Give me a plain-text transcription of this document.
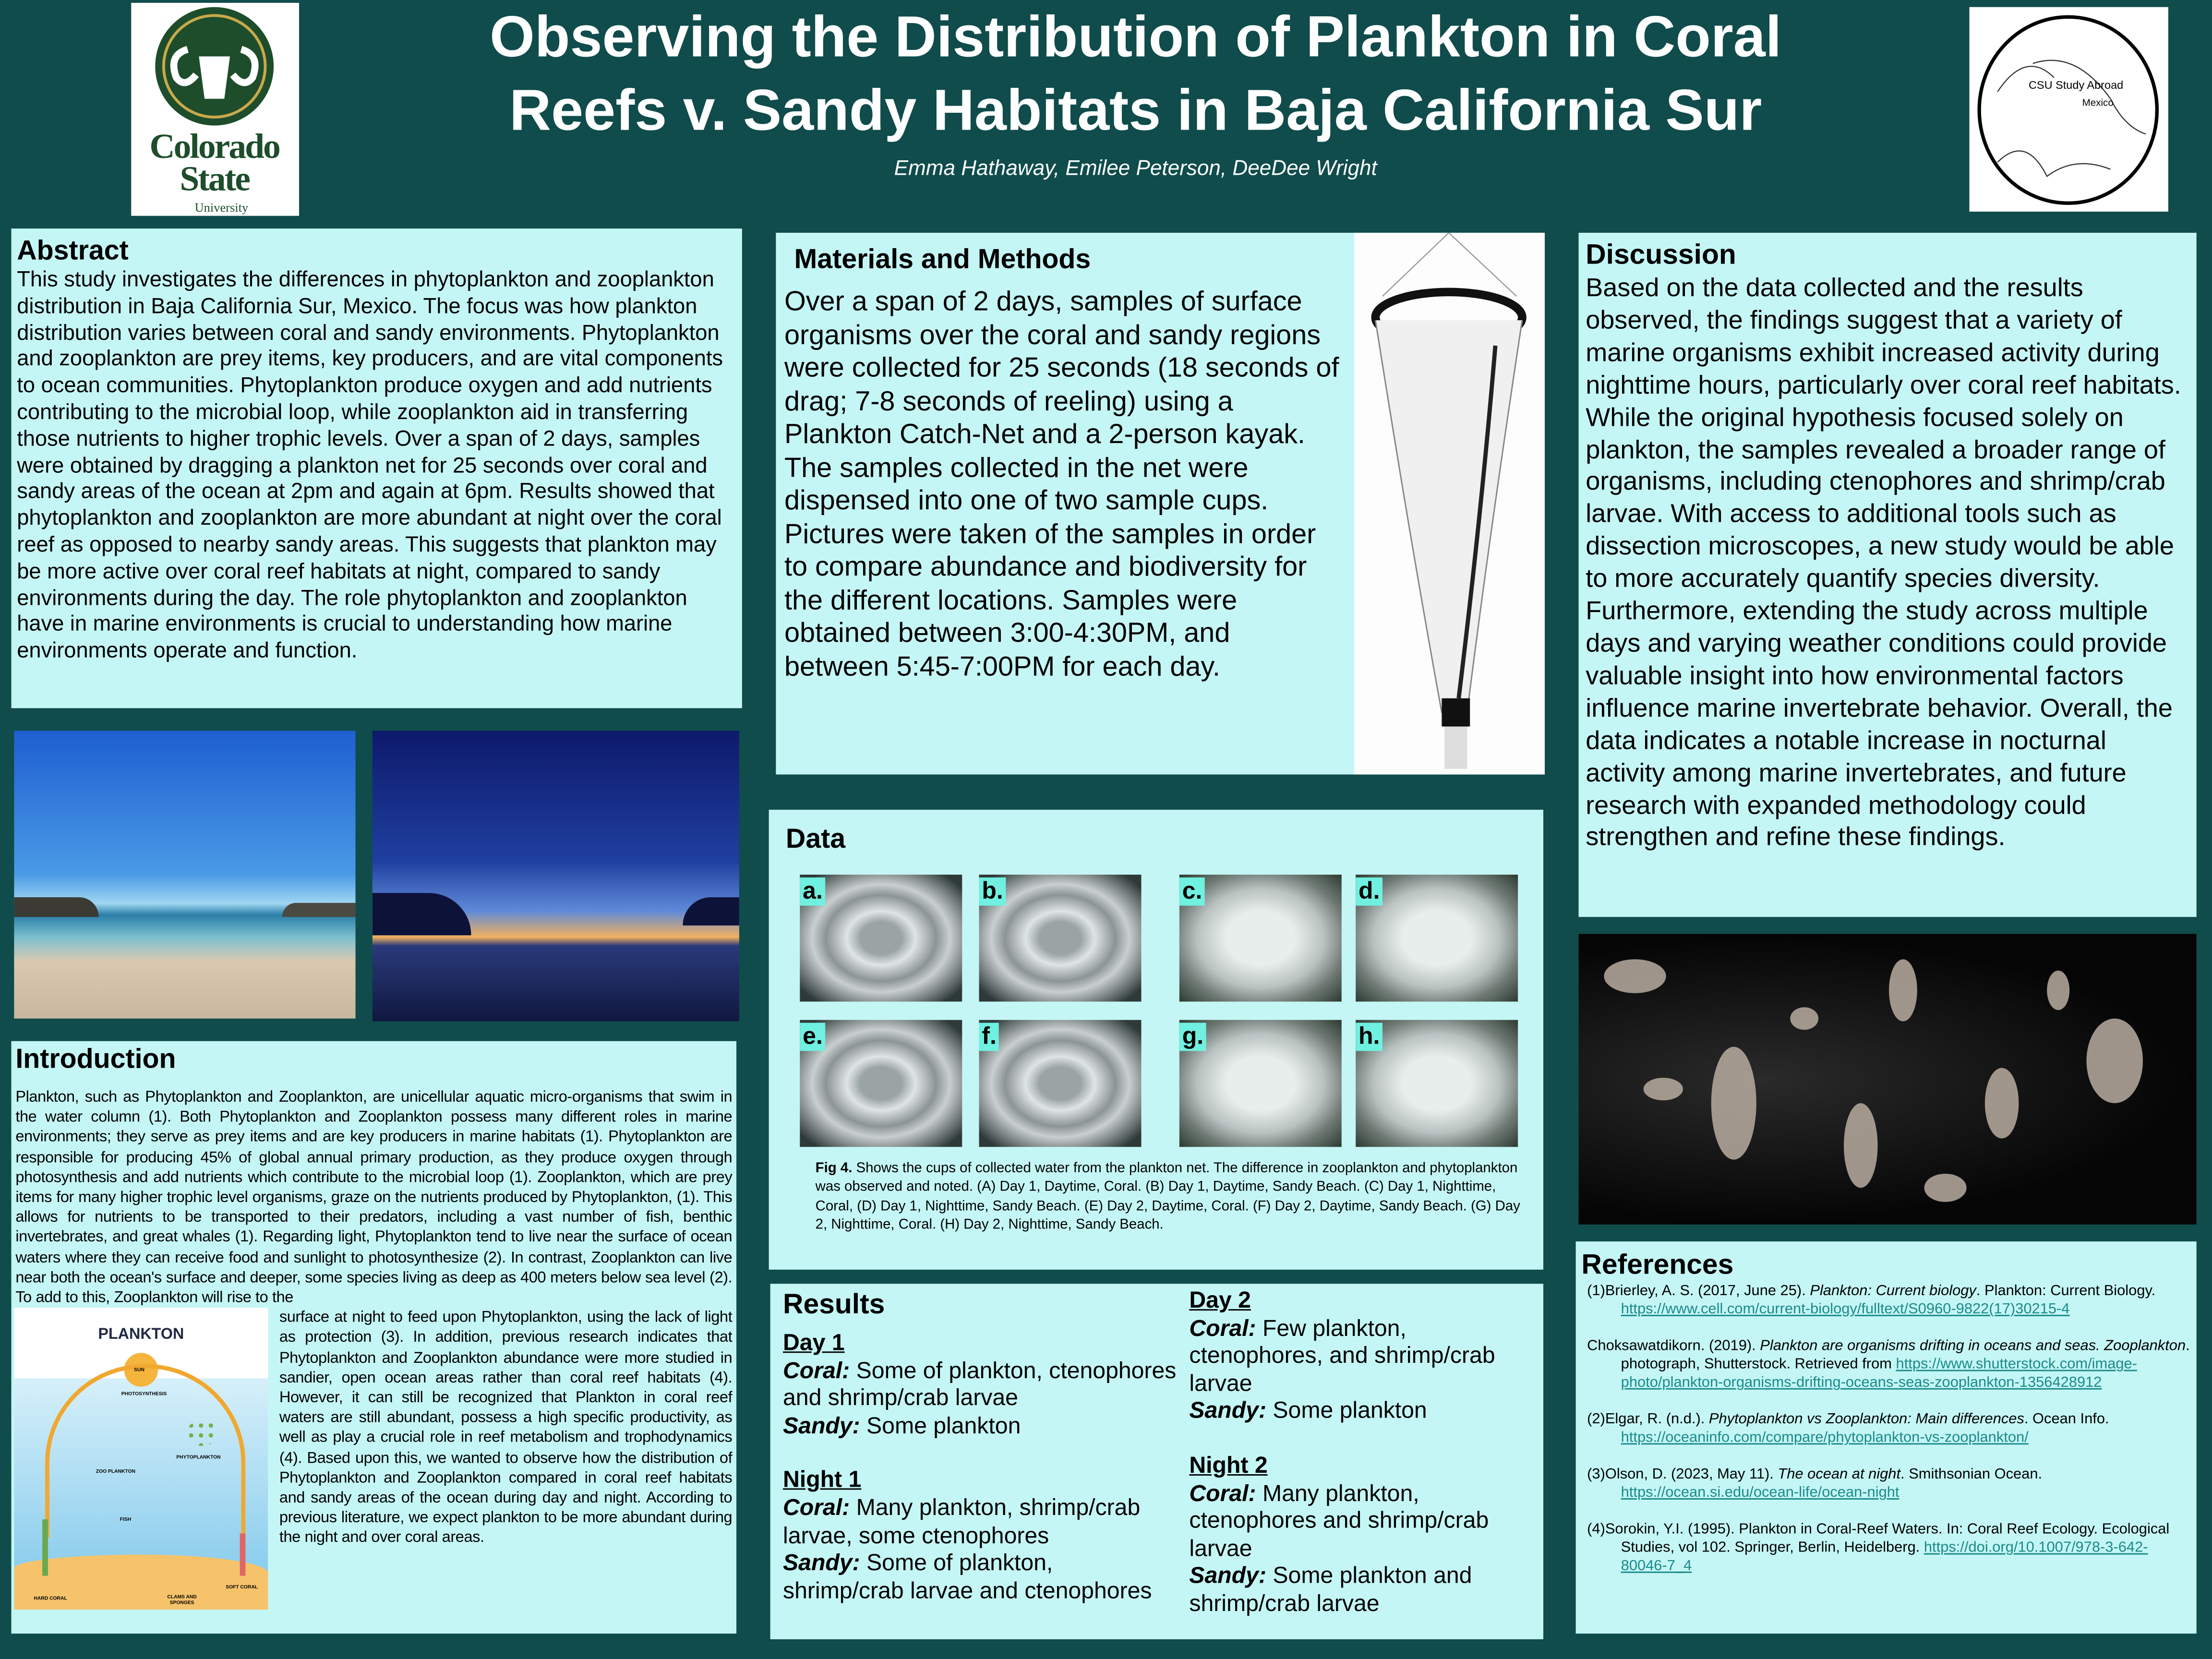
Colorado
State
University
Observing the Distribution of Plankton in Coral
Reefs v. Sandy Habitats in Baja California Sur
Emma Hathaway, Emilee Peterson, DeeDee Wright
CSU Study Abroad
Mexico
Abstract

This study investigates the differences in phytoplankton and zooplankton distribution in Baja California Sur, Mexico. The focus was how plankton distribution varies between coral and sandy environments. Phytoplankton and zooplankton are prey items, key producers, and are vital components to ocean communities. Phytoplankton produce oxygen and add nutrients contributing to the microbial loop, while zooplankton aid in transferring those nutrients to higher trophic levels. Over a span of 2 days, samples were obtained by dragging a plankton net for 25 seconds over coral and sandy areas of the ocean at 2pm and again at 6pm. Results showed that phytoplankton and zooplankton are more abundant at night over the coral reef as opposed to nearby sandy areas. This suggests that plankton may be more active over coral reef habitats at night, compared to sandy environments during the day. The role phytoplankton and zooplankton have in marine environments is crucial to understanding how marine environments operate and function.

Introduction

Plankton, such as Phytoplankton and Zooplankton, are unicellular aquatic micro-organisms that swim in the water column (1). Both Phytoplankton and Zooplankton possess many different roles in marine environments; they serve as prey items and are key producers in marine habitats (1). Phytoplankton are responsible for producing 45% of global annual primary production, as they produce oxygen through photosynthesis and add nutrients which contribute to the microbial loop (1). Zooplankton, which are prey items for many higher trophic level organisms, graze on the nutrients produced by Phytoplankton, (1). This allows for nutrients to be transported to their predators, including a vast number of fish, benthic invertebrates, and great whales (1). Regarding light, Phytoplankton tend to live near the surface of ocean waters where they can receive food and sunlight to photosynthesize (2). In contrast, Zooplankton can live near both the ocean's surface and deeper, some species living as deep as 400 meters below sea level (2). To add to this, Zooplankton will rise to the

PLANKTON
SUN
PHOTOSYNTHESIS
PHYTOPLANKTON
ZOO PLANKTON
FISH
HARD CORAL	CLAMS AND SPONGES
SOFT CORAL

surface at night to feed upon Phytoplankton, using the lack of light as protection (3). In addition, previous research indicates that Phytoplankton and Zooplankton abundance were more studied in sandier, open ocean areas rather than coral reef habitats (4). However, it can still be recognized that Plankton in coral reef waters are still abundant, possess a high specific productivity, as well as play a crucial role in reef metabolism and trophodynamics (4). Based upon this, we wanted to observe how the distribution of Phytoplankton and Zooplankton compared in coral reef habitats and sandy areas of the ocean during day and night. According to previous literature, we expect plankton to be more abundant during the night and over coral areas.

Materials and Methods

Over a span of 2 days, samples of surface organisms over the coral and sandy regions were collected for 25 seconds (18 seconds of drag; 7-8 seconds of reeling) using a Plankton Catch-Net and a 2-person kayak. The samples collected in the net were dispensed into one of two sample cups. Pictures were taken of the samples in order to compare abundance and biodiversity for the different locations. Samples were obtained between 3:00-4:30PM, and between 5:45-7:00PM for each day.

Data
a.	b.	c.	d.
e.	f.	g.	h.
Fig 4. Shows the cups of collected water from the plankton net. The difference in zooplankton and phytoplankton was observed and noted. (A) Day 1, Daytime, Coral. (B) Day 1, Daytime, Sandy Beach. (C) Day 1, Nighttime, Coral, (D) Day 1, Nighttime, Sandy Beach. (E) Day 2, Daytime, Coral. (F) Day 2, Daytime, Sandy Beach. (G) Day 2, Nighttime, Coral. (H) Day 2, Nighttime, Sandy Beach.
Results
Day 1
Coral: Some of plankton, ctenophores and shrimp/crab larvae
Sandy: Some plankton
Night 1
Coral: Many plankton, shrimp/crab larvae, some ctenophores
Sandy: Some of plankton, shrimp/crab larvae and ctenophores
Day 2
Coral: Few plankton, ctenophores, and shrimp/crab larvae
Sandy: Some plankton
Night 2
Coral: Many plankton, ctenophores and shrimp/crab larvae
Sandy: Some plankton and shrimp/crab larvae
Discussion

Based on the data collected and the results observed, the findings suggest that a variety of marine organisms exhibit increased activity during nighttime hours, particularly over coral reef habitats. While the original hypothesis focused solely on plankton, the samples revealed a broader range of organisms, including ctenophores and shrimp/crab larvae. With access to additional tools such as dissection microscopes, a new study would be able to more accurately quantify species diversity. Furthermore, extending the study across multiple days and varying weather conditions could provide valuable insight into how environmental factors influence marine invertebrate behavior. Overall, the data indicates a notable increase in nocturnal activity among marine invertebrates, and future research with expanded methodology could strengthen and refine these findings.

References
(1)Brierley, A. S. (2017, June 25). Plankton: Current biology. Plankton: Current Biology. https://www.cell.com/current-biology/fulltext/S0960-9822(17)30215-4
Choksawatdikorn. (2019). Plankton are organisms drifting in oceans and seas. Zooplankton. photograph, Shutterstock. Retrieved from https://www.shutterstock.com/image-photo/plankton-organisms-drifting-oceans-seas-zooplankton-1356428912
(2)Elgar, R. (n.d.). Phytoplankton vs Zooplankton: Main differences. Ocean Info. https://oceaninfo.com/compare/phytoplankton-vs-zooplankton/
(3)Olson, D. (2023, May 11). The ocean at night. Smithsonian Ocean. https://ocean.si.edu/ocean-life/ocean-night
(4)Sorokin, Y.I. (1995). Plankton in Coral-Reef Waters. In: Coral Reef Ecology. Ecological Studies, vol 102. Springer, Berlin, Heidelberg. https://doi.org/10.1007/978-3-642-80046-7_4
